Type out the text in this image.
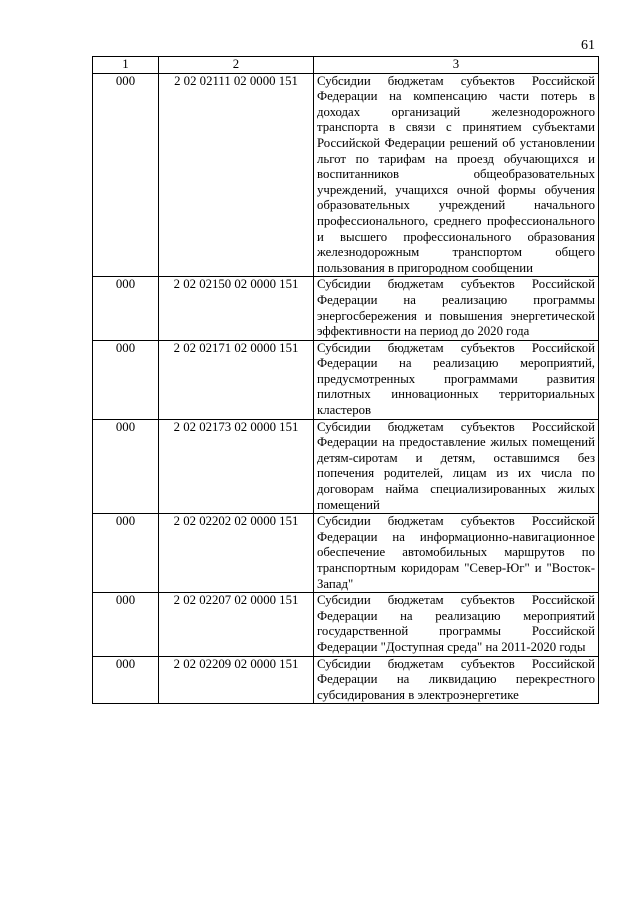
61
1	2	3
000	2 02 02111 02 0000 151	Субсидии бюджетам субъектов Российской Федерации на компенсацию части потерь в доходах организаций железнодорожного транспорта в связи с принятием субъектами Российской Федерации решений об установлении льгот по тарифам на проезд обучающихся и воспитанников общеобразовательных учреждений, учащихся очной формы обучения образовательных учреждений начального профессионального, среднего профессионального и высшего профессионального образования железнодорожным транспортом общего пользования в пригородном сообщении
000	2 02 02150 02 0000 151	Субсидии бюджетам субъектов Российской Федерации на реализацию программы энергосбережения и повышения энергетической эффективности на период до 2020 года
000	2 02 02171 02 0000 151	Субсидии бюджетам субъектов Российской Федерации на реализацию мероприятий, предусмотренных программами развития пилотных инновационных территориальных кластеров
000	2 02 02173 02 0000 151	Субсидии бюджетам субъектов Российской Федерации на предоставление жилых помещений детям-сиротам и детям, оставшимся без попечения родителей, лицам из их числа по договорам найма специализированных жилых помещений
000	2 02 02202 02 0000 151	Субсидии бюджетам субъектов Российской Федерации на информационно-навигационное обеспечение автомобильных маршрутов по транспортным коридорам "Север-Юг" и "Восток-Запад"
000	2 02 02207 02 0000 151	Субсидии бюджетам субъектов Российской Федерации на реализацию мероприятий государственной программы Российской Федерации "Доступная среда" на 2011-2020 годы
000	2 02 02209 02 0000 151	Субсидии бюджетам субъектов Российской Федерации на ликвидацию перекрестного субсидирования в электроэнергетике
